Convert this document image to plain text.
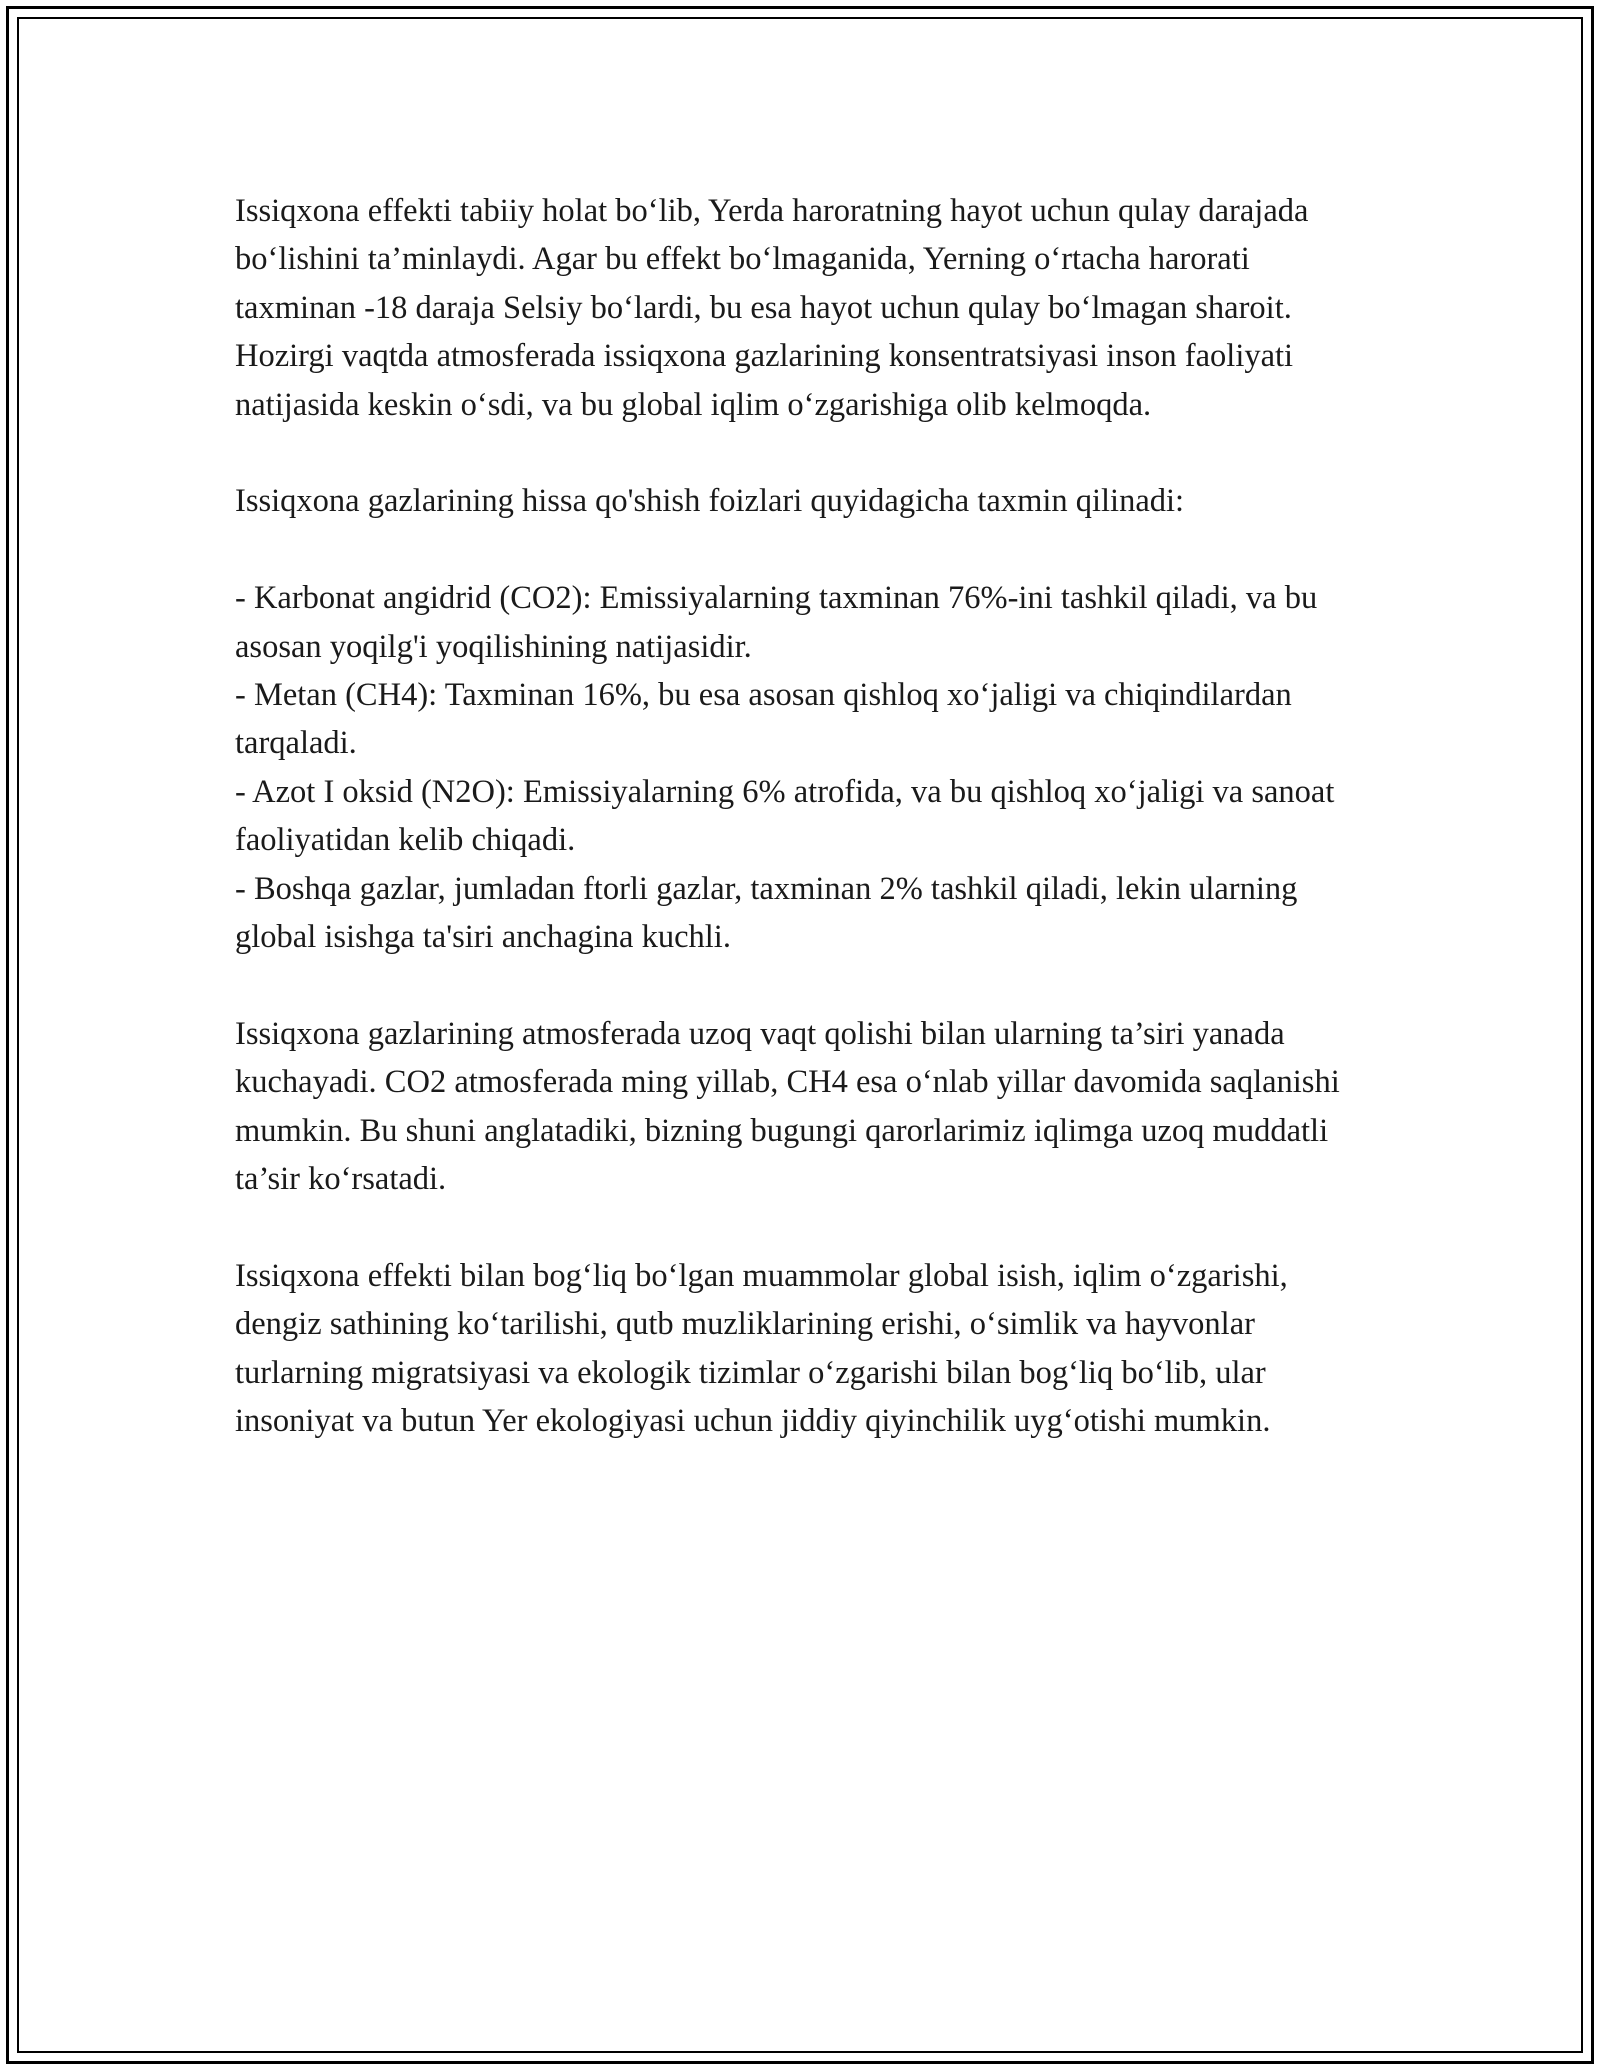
Issiqxona effekti tabiiy holat bo‘lib, Yerda haroratning hayot uchun qulay darajada bo‘lishini ta’minlaydi. Agar bu effekt bo‘lmaganida, Yerning o‘rtacha harorati taxminan -18 daraja Selsiy bo‘lardi, bu esa hayot uchun qulay bo‘lmagan sharoit. Hozirgi vaqtda atmosferada issiqxona gazlarining konsentratsiyasi inson faoliyati natijasida keskin o‘sdi, va bu global iqlim o‘zgarishiga olib kelmoqda.

Issiqxona gazlarining hissa qo'shish foizlari quyidagicha taxmin qilinadi:

- Karbonat angidrid (CO2): Emissiyalarning taxminan 76%-ini tashkil qiladi, va bu asosan yoqilg'i yoqilishining natijasidir.
- Metan (CH4): Taxminan 16%, bu esa asosan qishloq xo‘jaligi va chiqindilardan tarqaladi.
- Azot I oksid (N2O): Emissiyalarning 6% atrofida, va bu qishloq xo‘jaligi va sanoat faoliyatidan kelib chiqadi.
- Boshqa gazlar, jumladan ftorli gazlar, taxminan 2% tashkil qiladi, lekin ularning global isishga ta'siri anchagina kuchli.

Issiqxona gazlarining atmosferada uzoq vaqt qolishi bilan ularning ta’siri yanada kuchayadi. CO2 atmosferada ming yillab, CH4 esa o‘nlab yillar davomida saqlanishi mumkin. Bu shuni anglatadiki, bizning bugungi qarorlarimiz iqlimga uzoq muddatli ta’sir ko‘rsatadi.

Issiqxona effekti bilan bog‘liq bo‘lgan muammolar global isish, iqlim o‘zgarishi, dengiz sathining ko‘tarilishi, qutb muzliklarining erishi, o‘simlik va hayvonlar turlarning migratsiyasi va ekologik tizimlar o‘zgarishi bilan bog‘liq bo‘lib, ular insoniyat va butun Yer ekologiyasi uchun jiddiy qiyinchilik uyg‘otishi mumkin.
